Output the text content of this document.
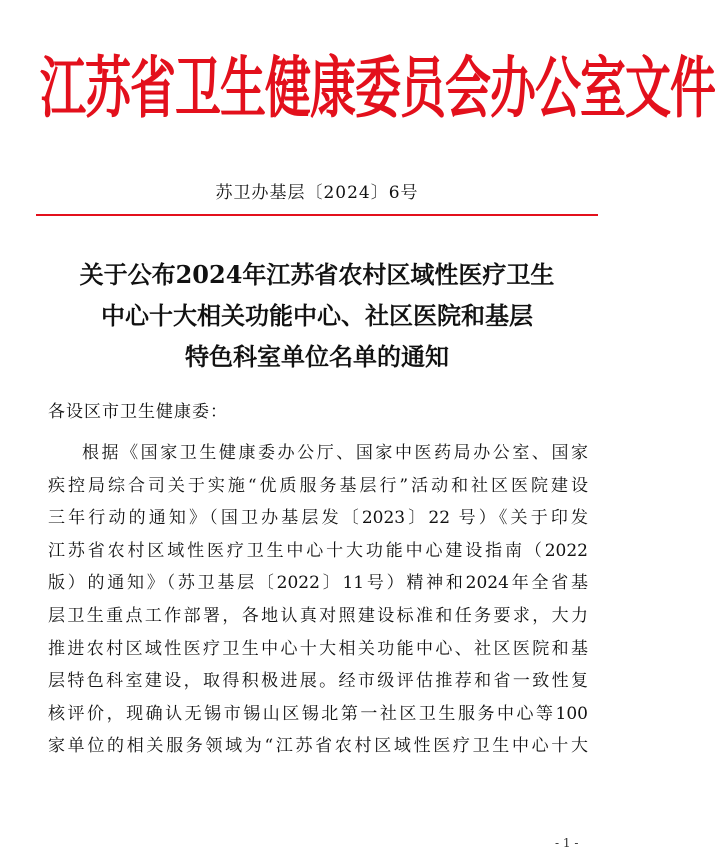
江苏省卫生健康委员会办公室文件
苏卫办基层〔2024〕6号
关于公布2024年江苏省农村区域性医疗卫生
中心十大相关功能中心、社区医院和基层
特色科室单位名单的通知
各设区市卫生健康委：
根据《国家卫生健康委办公厅、国家中医药局办公室、国家
疾控局综合司关于实施“优质服务基层行”活动和社区医院建设
三年行动的通知》（国卫办基层发〔2023〕22 号）《关于印发
江苏省农村区域性医疗卫生中心十大功能中心建设指南（2022
版）的通知》（苏卫基层〔2022〕11号）精神和2024年全省基
层卫生重点工作部署，各地认真对照建设标准和任务要求，大力
推进农村区域性医疗卫生中心十大相关功能中心、社区医院和基
层特色科室建设，取得积极进展。经市级评估推荐和省一致性复
核评价，现确认无锡市锡山区锡北第一社区卫生服务中心等100
家单位的相关服务领域为“江苏省农村区域性医疗卫生中心十大
- 1 -
